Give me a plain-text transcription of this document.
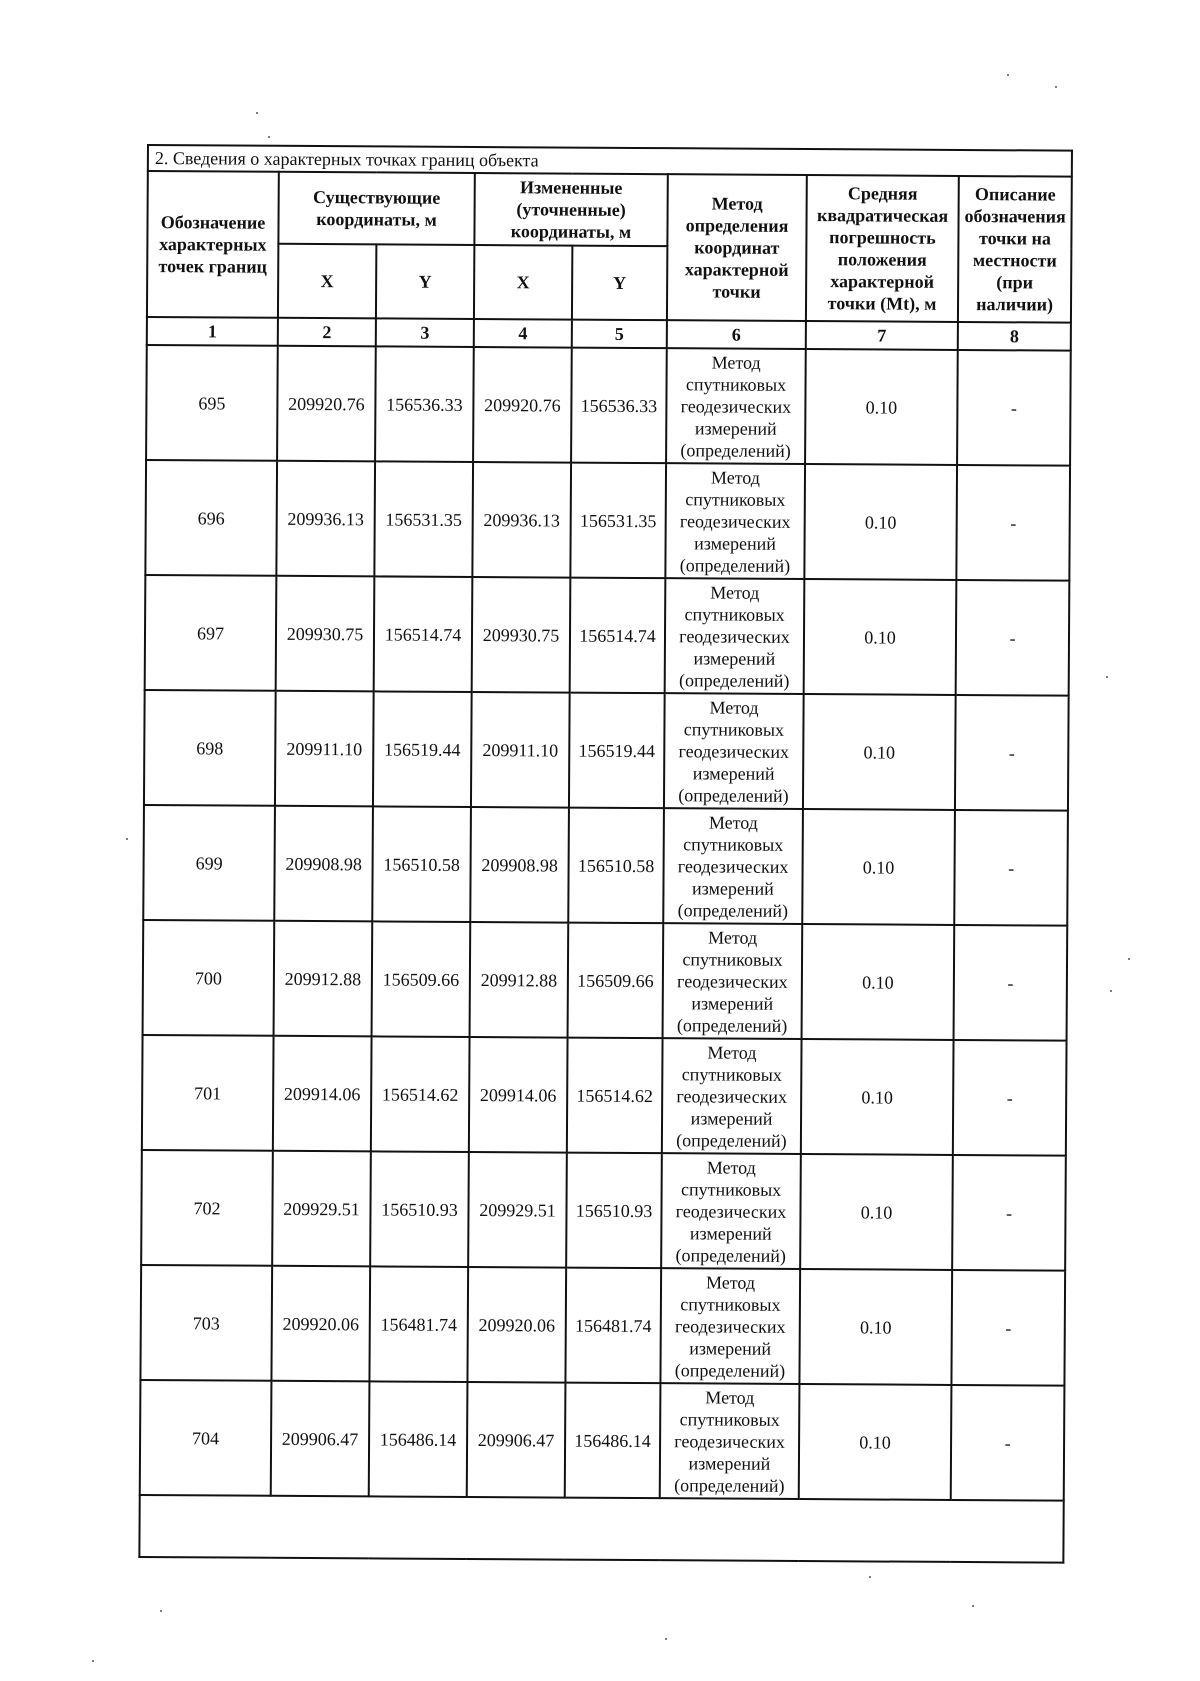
2. Сведения о характерных точках границ объекта							
Обозначение характерных точек границ	Существующие координаты, м		Измененные (уточненные) координаты, м		Метод определения координат характерной точки	Средняя квадратическая погрешность положения характерной точки (Mt), м	Описание обозначения точки на местности (при наличии)
	X	Y	X	Y			
1	2	3	4	5	6	7	8
695	209920.76	156536.33	209920.76	156536.33	Метод спутниковых геодезических измерений (определений)	0.10	-
696	209936.13	156531.35	209936.13	156531.35	Метод спутниковых геодезических измерений (определений)	0.10	-
697	209930.75	156514.74	209930.75	156514.74	Метод спутниковых геодезических измерений (определений)	0.10	-
698	209911.10	156519.44	209911.10	156519.44	Метод спутниковых геодезических измерений (определений)	0.10	-
699	209908.98	156510.58	209908.98	156510.58	Метод спутниковых геодезических измерений (определений)	0.10	-
700	209912.88	156509.66	209912.88	156509.66	Метод спутниковых геодезических измерений (определений)	0.10	-
701	209914.06	156514.62	209914.06	156514.62	Метод спутниковых геодезических измерений (определений)	0.10	-
702	209929.51	156510.93	209929.51	156510.93	Метод спутниковых геодезических измерений (определений)	0.10	-
703	209920.06	156481.74	209920.06	156481.74	Метод спутниковых геодезических измерений (определений)	0.10	-
704	209906.47	156486.14	209906.47	156486.14	Метод спутниковых геодезических измерений (определений)	0.10	-
